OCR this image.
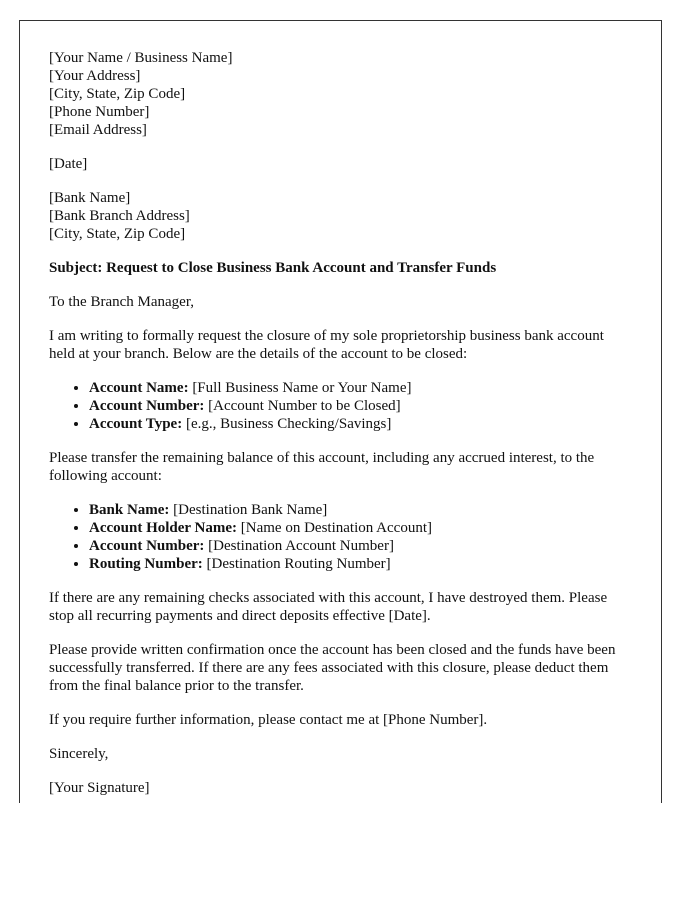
[Your Name / Business Name]
[Your Address]
[City, State, Zip Code]
[Phone Number]
[Email Address]

[Date]

[Bank Name]
[Bank Branch Address]
[City, State, Zip Code]

Subject: Request to Close Business Bank Account and Transfer Funds

To the Branch Manager,

I am writing to formally request the closure of my sole proprietorship business bank account held at your branch. Below are the details of the account to be closed:

• Account Name: [Full Business Name or Your Name]
• Account Number: [Account Number to be Closed]
• Account Type: [e.g., Business Checking/Savings]

Please transfer the remaining balance of this account, including any accrued interest, to the following account:

• Bank Name: [Destination Bank Name]
• Account Holder Name: [Name on Destination Account]
• Account Number: [Destination Account Number]
• Routing Number: [Destination Routing Number]

If there are any remaining checks associated with this account, I have destroyed them. Please stop all recurring payments and direct deposits effective [Date].

Please provide written confirmation once the account has been closed and the funds have been successfully transferred. If there are any fees associated with this closure, please deduct them from the final balance prior to the transfer.

If you require further information, please contact me at [Phone Number].

Sincerely,

[Your Signature]
